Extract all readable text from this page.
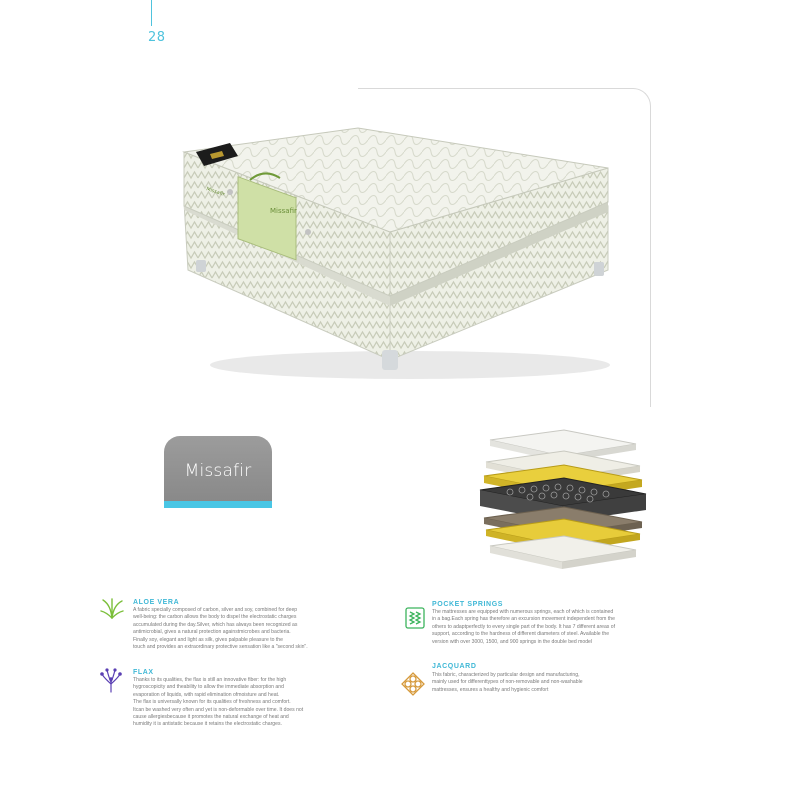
28
Missafir
Missafir
Missafir
ALOE VERA
A fabric specially composed of carbon, silver and soy, combined for deep
well-being: the carbon allows the body to dispel the electrostatic charges
accumulated during the day.Silver, which has always been recognized as
antimicrobial, gives a natural protection againstmicrobes and bacteria.
Finally soy, elegant and light as silk, gives palpable pleasure to the
touch and provides an extraordinary protective sensation like a "second skin".
FLAX
Thanks to its qualities, the flax is still an innovative fiber: for the high
hygroscopicity and theability to allow the immediate absorption and
evaporation of liquids, with rapid elimination ofmoisture and heat.
The flax is universally known for its qualities of freshness and comfort.
Itcan be washed very often and yet is non-deformable over time. It does not
cause allergiesbecause it promotes the natural exchange of heat and
humidity it is antistatic because it retains the electrostatic charges.
POCKET SPRINGS
The mattresses are equipped with numerous springs, each of which is contained
in a bag.Each spring has therefore an excursion movement independent from the
others to adaptperfectly to every single part of the body. It has 7 different areas of
support, according to the hardness of different diameters of steel. Available the
version with over 3000, 1500, and 900 springs in the double bed model
JACQUARD
This fabric, characterized by particular design and manufacturing,
mainly used for differenttypes of non-removable and non-washable
mattresses, ensures a healthy and hygienic comfort
